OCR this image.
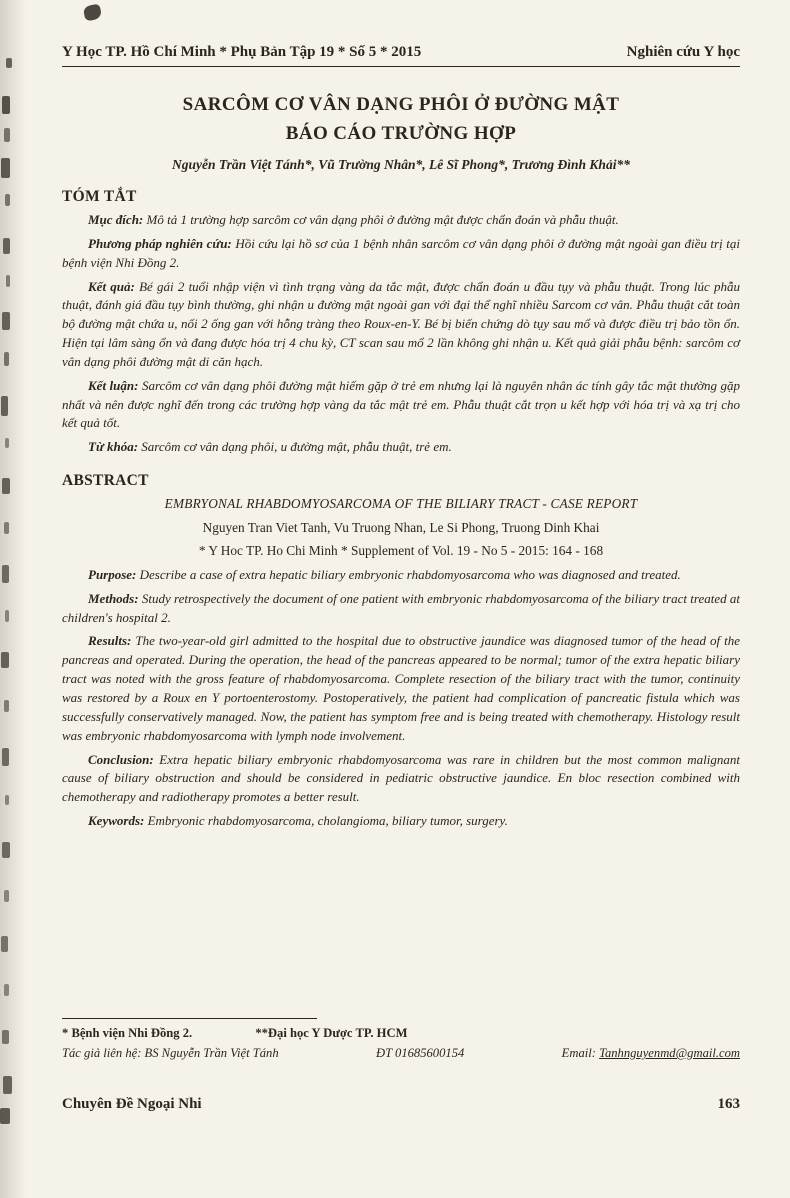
Y Học TP. Hồ Chí Minh * Phụ Bản Tập 19 * Số 5 * 2015	Nghiên cứu Y học
SARCÔM CƠ VÂN DẠNG PHÔI Ở ĐƯỜNG MẬT
BÁO CÁO TRƯỜNG HỢP
Nguyễn Trần Việt Tánh*, Vũ Trường Nhân*, Lê Sĩ Phong*, Trương Đình Khải**
TÓM TẮT

Mục đích: Mô tả 1 trường hợp sarcôm cơ vân dạng phôi ở đường mật được chẩn đoán và phẫu thuật.

Phương pháp nghiên cứu: Hồi cứu lại hồ sơ của 1 bệnh nhân sarcôm cơ vân dạng phôi ở đường mật ngoài gan điều trị tại bệnh viện Nhi Đồng 2.

Kết quả: Bé gái 2 tuổi nhập viện vì tình trạng vàng da tắc mật, được chẩn đoán u đầu tụy và phẫu thuật. Trong lúc phẫu thuật, đánh giá đầu tụy bình thường, ghi nhận u đường mật ngoài gan với đại thể nghĩ nhiều Sarcom cơ vân. Phẫu thuật cắt toàn bộ đường mật chứa u, nối 2 ống gan với hỗng tràng theo Roux-en-Y. Bé bị biến chứng dò tụy sau mổ và được điều trị bảo tồn ổn. Hiện tại lâm sàng ổn và đang được hóa trị 4 chu kỳ, CT scan sau mổ 2 lần không ghi nhận u. Kết quả giải phẫu bệnh: sarcôm cơ vân dạng phôi đường mật di căn hạch.

Kết luận: Sarcôm cơ vân dạng phôi đường mật hiếm gặp ở trẻ em nhưng lại là nguyên nhân ác tính gây tắc mật thường gặp nhất và nên được nghĩ đến trong các trường hợp vàng da tắc mật trẻ em. Phẫu thuật cắt trọn u kết hợp với hóa trị và xạ trị cho kết quả tốt.

Từ khóa: Sarcôm cơ vân dạng phôi, u đường mật, phẫu thuật, trẻ em.

ABSTRACT
EMBRYONAL RHABDOMYOSARCOMA OF THE BILIARY TRACT - CASE REPORT
Nguyen Tran Viet Tanh, Vu Truong Nhan, Le Si Phong, Truong Dinh Khai
* Y Hoc TP. Ho Chi Minh * Supplement of Vol. 19 - No 5 - 2015: 164 - 168

Purpose: Describe a case of extra hepatic biliary embryonic rhabdomyosarcoma who was diagnosed and treated.

Methods: Study retrospectively the document of one patient with embryonic rhabdomyosarcoma of the biliary tract treated at children's hospital 2.

Results: The two-year-old girl admitted to the hospital due to obstructive jaundice was diagnosed tumor of the head of the pancreas and operated. During the operation, the head of the pancreas appeared to be normal; tumor of the extra hepatic biliary tract was noted with the gross feature of rhabdomyosarcoma. Complete resection of the biliary tract with the tumor, continuity was restored by a Roux en Y portoenterostomy. Postoperatively, the patient had complication of pancreatic fistula which was successfully conservatively managed. Now, the patient has symptom free and is being treated with chemotherapy. Histology result was embryonic rhabdomyosarcoma with lymph node involvement.

Conclusion: Extra hepatic biliary embryonic rhabdomyosarcoma was rare in children but the most common malignant cause of biliary obstruction and should be considered in pediatric obstructive jaundice. En bloc resection combined with chemotherapy and radiotherapy promotes a better result.

Keywords: Embryonic rhabdomyosarcoma, cholangioma, biliary tumor, surgery.

* Bệnh viện Nhi Đồng 2.	**Đại học Y Dược TP. HCM
Tác giả liên hệ: BS Nguyễn Trần Việt Tánh	ĐT 01685600154	Email: Tanhnguyenmd@gmail.com
Chuyên Đề Ngoại Nhi	163
